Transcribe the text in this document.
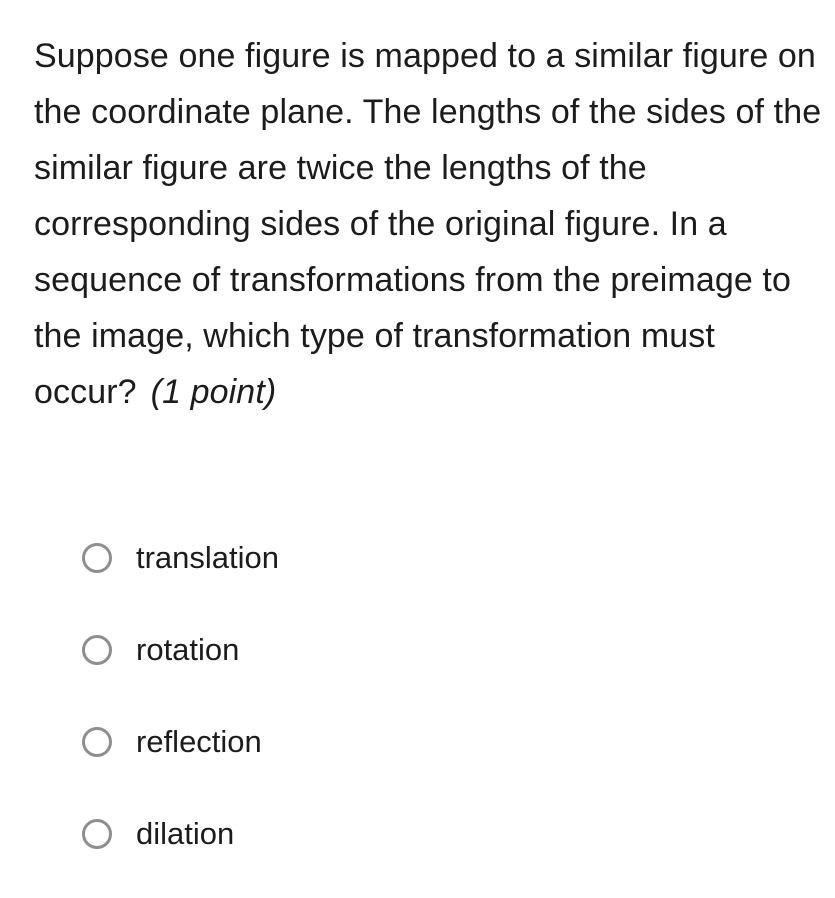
Suppose one figure is mapped to a similar figure on the coordinate plane. The lengths of the sides of the similar figure are twice the lengths of the corresponding sides of the original figure. In a sequence of transformations from the preimage to the image, which type of transformation must occur? (1 point)
translation
rotation
reflection
dilation
